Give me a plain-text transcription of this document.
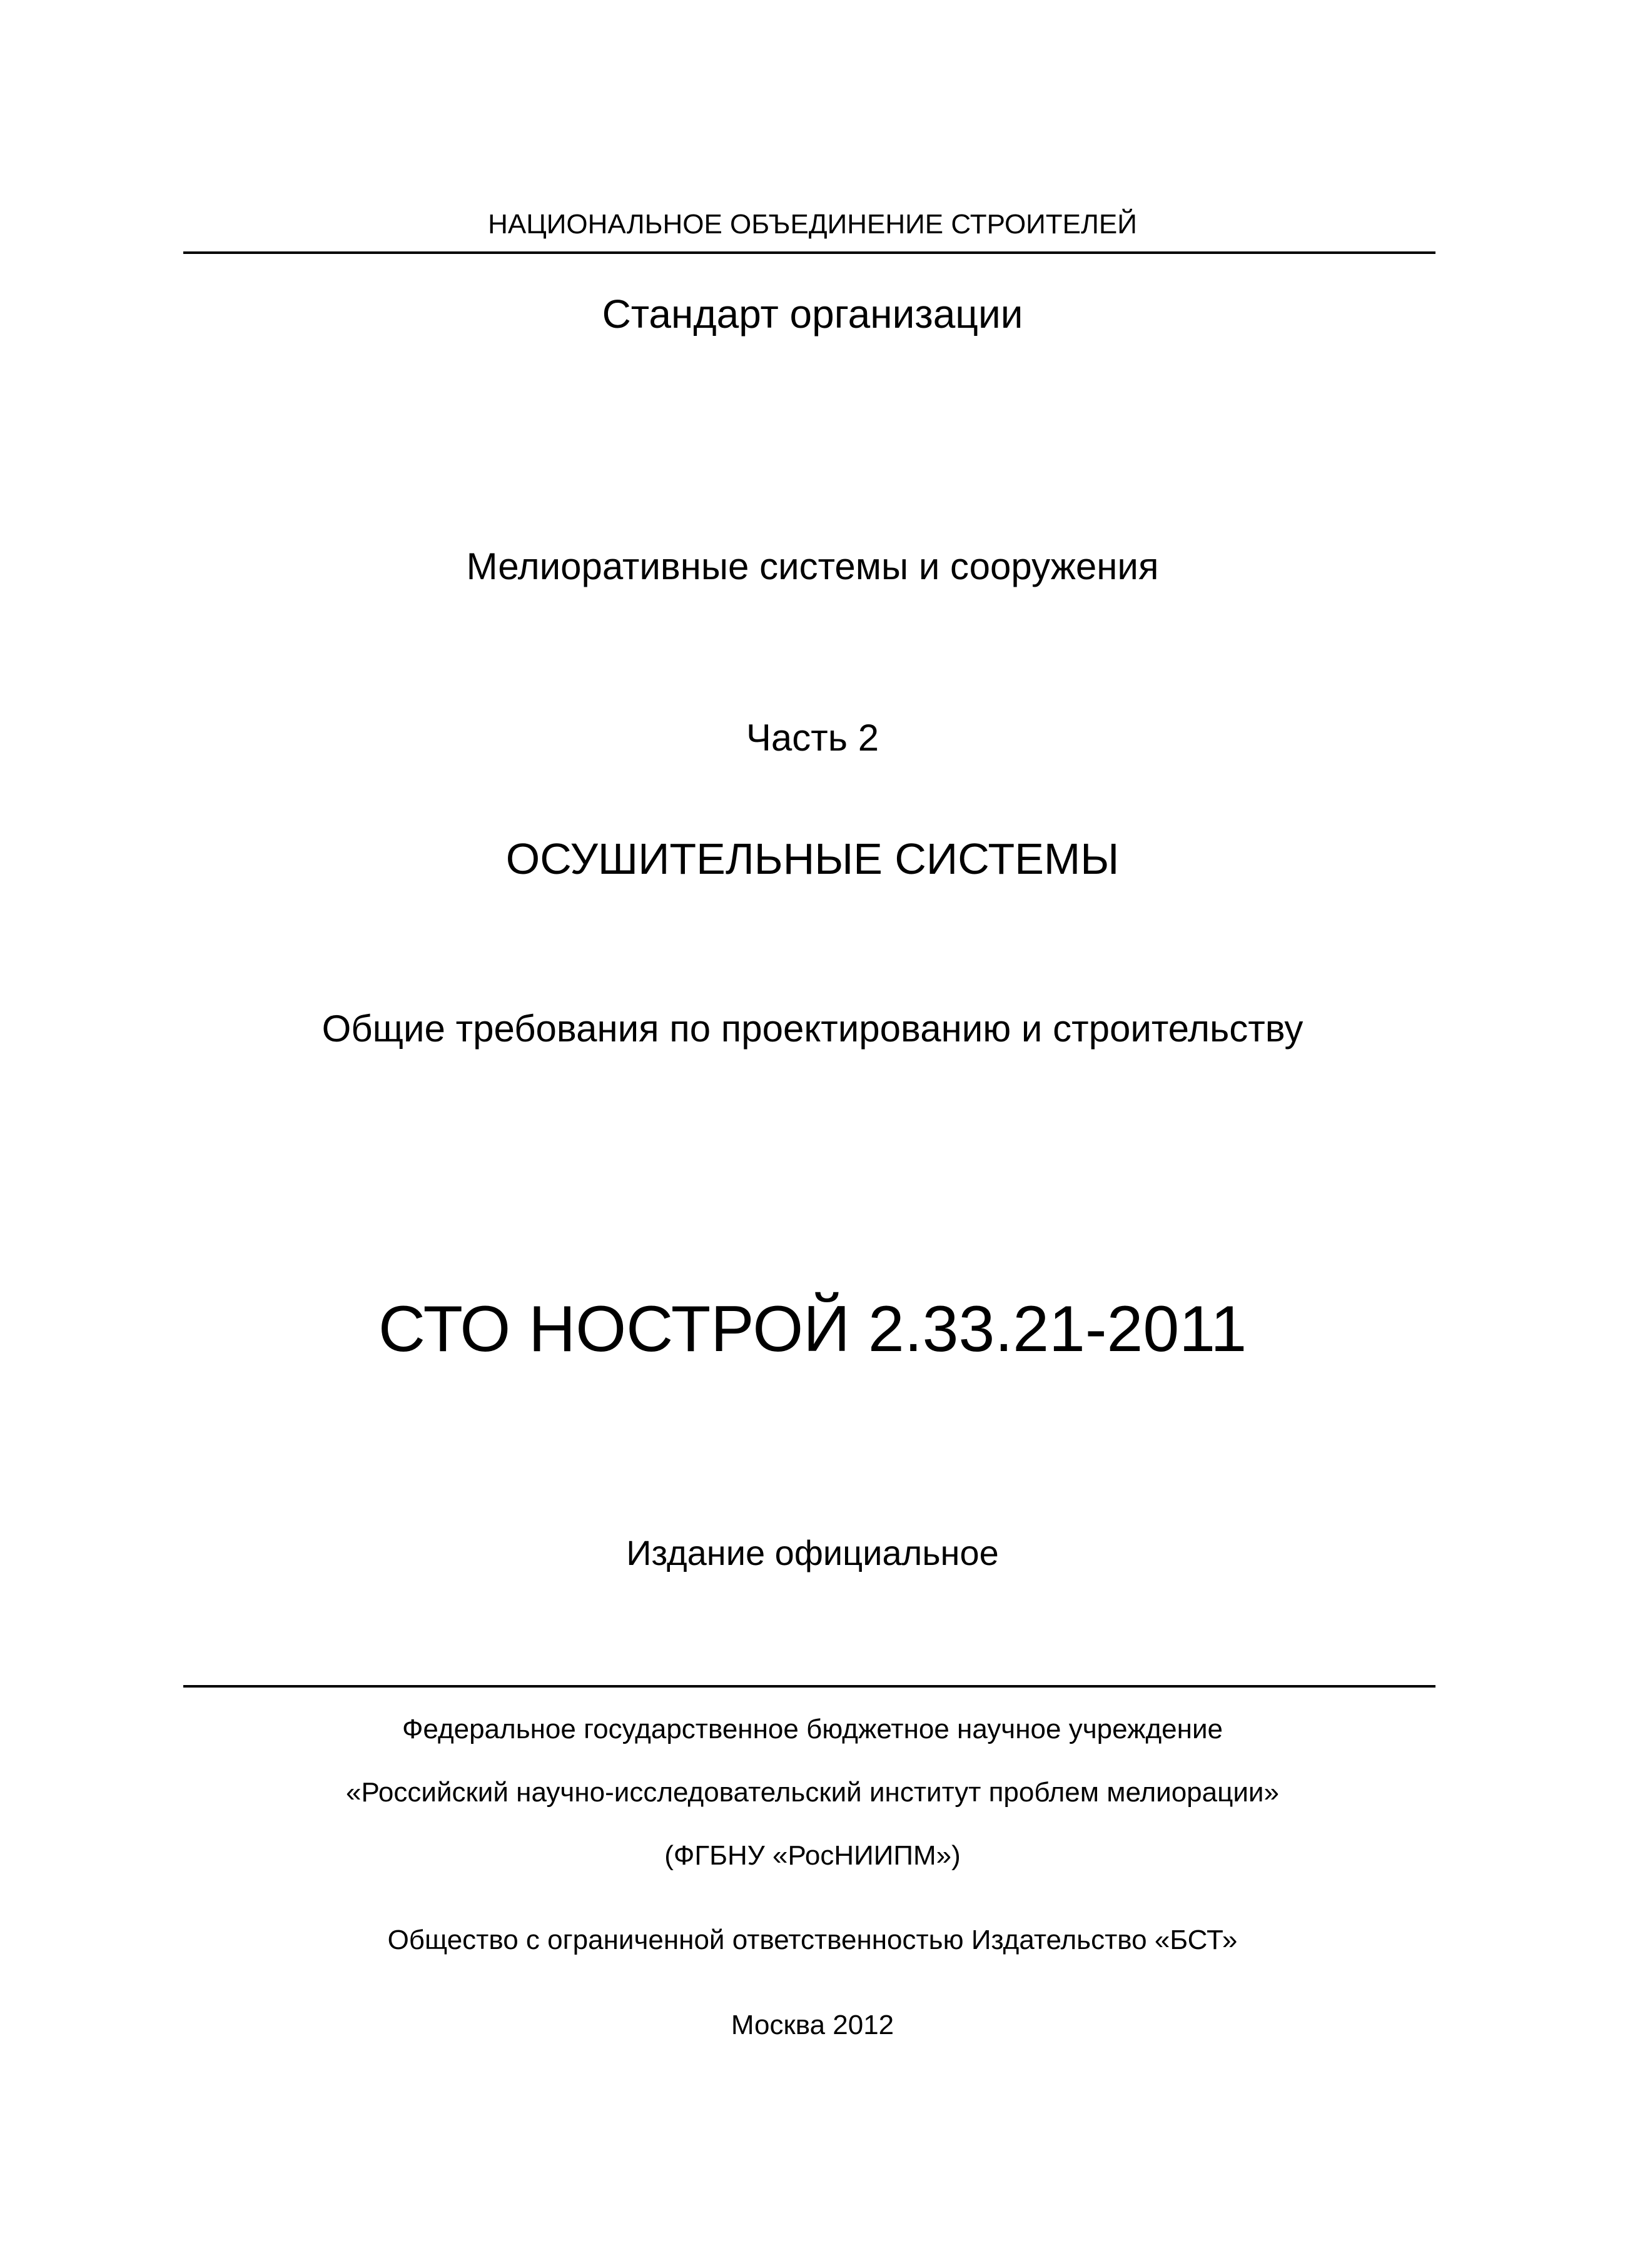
НАЦИОНАЛЬНОЕ ОБЪЕДИНЕНИЕ СТРОИТЕЛЕЙ
Стандарт организации
Мелиоративные системы и сооружения
Часть 2
ОСУШИТЕЛЬНЫЕ СИСТЕМЫ
Общие требования по проектированию и строительству
СТО НОСТРОЙ 2.33.21-2011
Издание официальное
Федеральное государственное бюджетное научное учреждение
«Российский научно-исследовательский институт проблем мелиорации»
(ФГБНУ «РосНИИПМ»)
Общество с ограниченной ответственностью Издательство «БСТ»
Москва 2012
